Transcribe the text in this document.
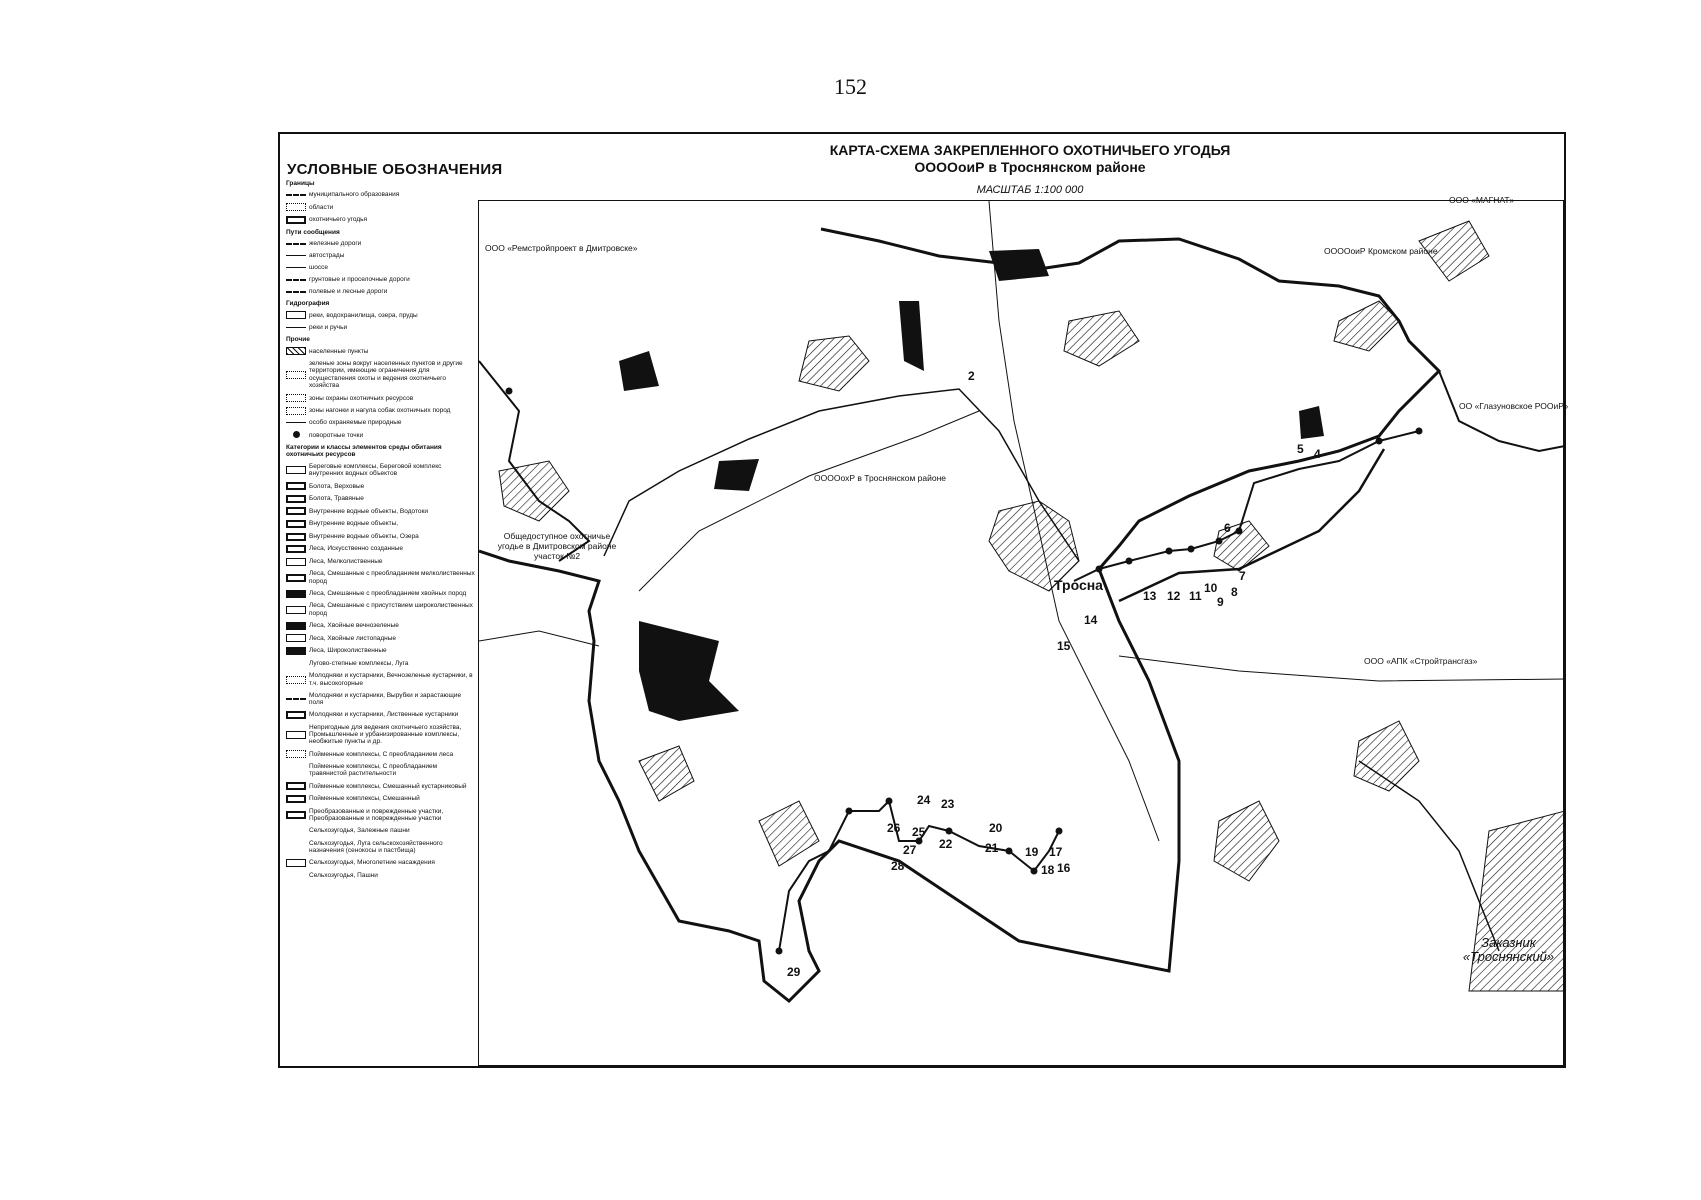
152
КАРТА-СХЕМА ЗАКРЕПЛЕННОГО ОХОТНИЧЬЕГО УГОДЬЯ
ООООоиР в Троснянском районе
МАСШТАБ 1:100 000
УСЛОВНЫЕ ОБОЗНАЧЕНИЯ
Границы
муниципального образования
области
охотничьего угодья
Пути сообщения
железные дороги
автострады
шоссе
грунтовые и проселочные дороги
полевые и лесные дороги
Гидрография
реки, водохранилища, озера, пруды
реки и ручьи
Прочие
населенные пункты
зеленые зоны вокруг населенных пунктов и другие территории, имеющие ограничения для осуществления охоты и ведения охотничьего хозяйства
зоны охраны охотничьих ресурсов
зоны нагонки и нагула собак охотничьих пород
особо охраняемые природные
поворотные точки
Категории и классы элементов среды обитания охотничьих ресурсов
Береговые комплексы, Береговой комплекс внутренних водных объектов
Болота, Верховые
Болота, Травяные
Внутренние водные объекты, Водотоки
Внутренние водные объекты,
Внутренние водные объекты, Озера
Леса, Искусственно созданные
Леса, Мелколиственные
Леса, Смешанные с преобладанием мелколиственных пород
Леса, Смешанные с преобладанием хвойных пород
Леса, Смешанные с присутствием широколиственных пород
Леса, Хвойные вечнозеленые
Леса, Хвойные листопадные
Леса, Широколиственные
Лугово-степные комплексы, Луга
Молодняки и кустарники, Вечнозеленые кустарники, в т.ч. высокогорные
Молодняки и кустарники, Вырубки и зарастающие поля
Молодняки и кустарники, Лиственные кустарники
Непригодные для ведения охотничьего хозяйства, Промышленные и урбанизированные комплексы, необжитые пункты и др.
Пойменные комплексы, С преобладанием леса
Пойменные комплексы, С преобладанием травянистой растительности
Пойменные комплексы, Смешанный кустарниковый
Пойменные комплексы, Смешанный
Преобразованные и поврежденные участки, Преобразованные и поврежденные участки
Сельхозугодья, Залежные пашни
Сельхозугодья, Луга сельскохозяйственного назначения (сенокосы и пастбища)
Сельхозугодья, Многолетние насаждения
Сельхозугодья, Пашни
ООО «Ремстройпроект в Дмитровске»
ООО «МАГНАТ»
ООООоиР Кромском районе
ООООохР в Троснянском районе
Общедоступное охотничье угодье в Дмитровском районе участок №2
ОО «Глазуновское РООиР»
ООО «АПК «Стройтрансгаз»
Заказник «Троснянский»
Тросна
2
4
5
6
7
8
9
10
11
12
13
14
15
16
17
18
19
20
21
22
23
24
25
26
27
28
29
